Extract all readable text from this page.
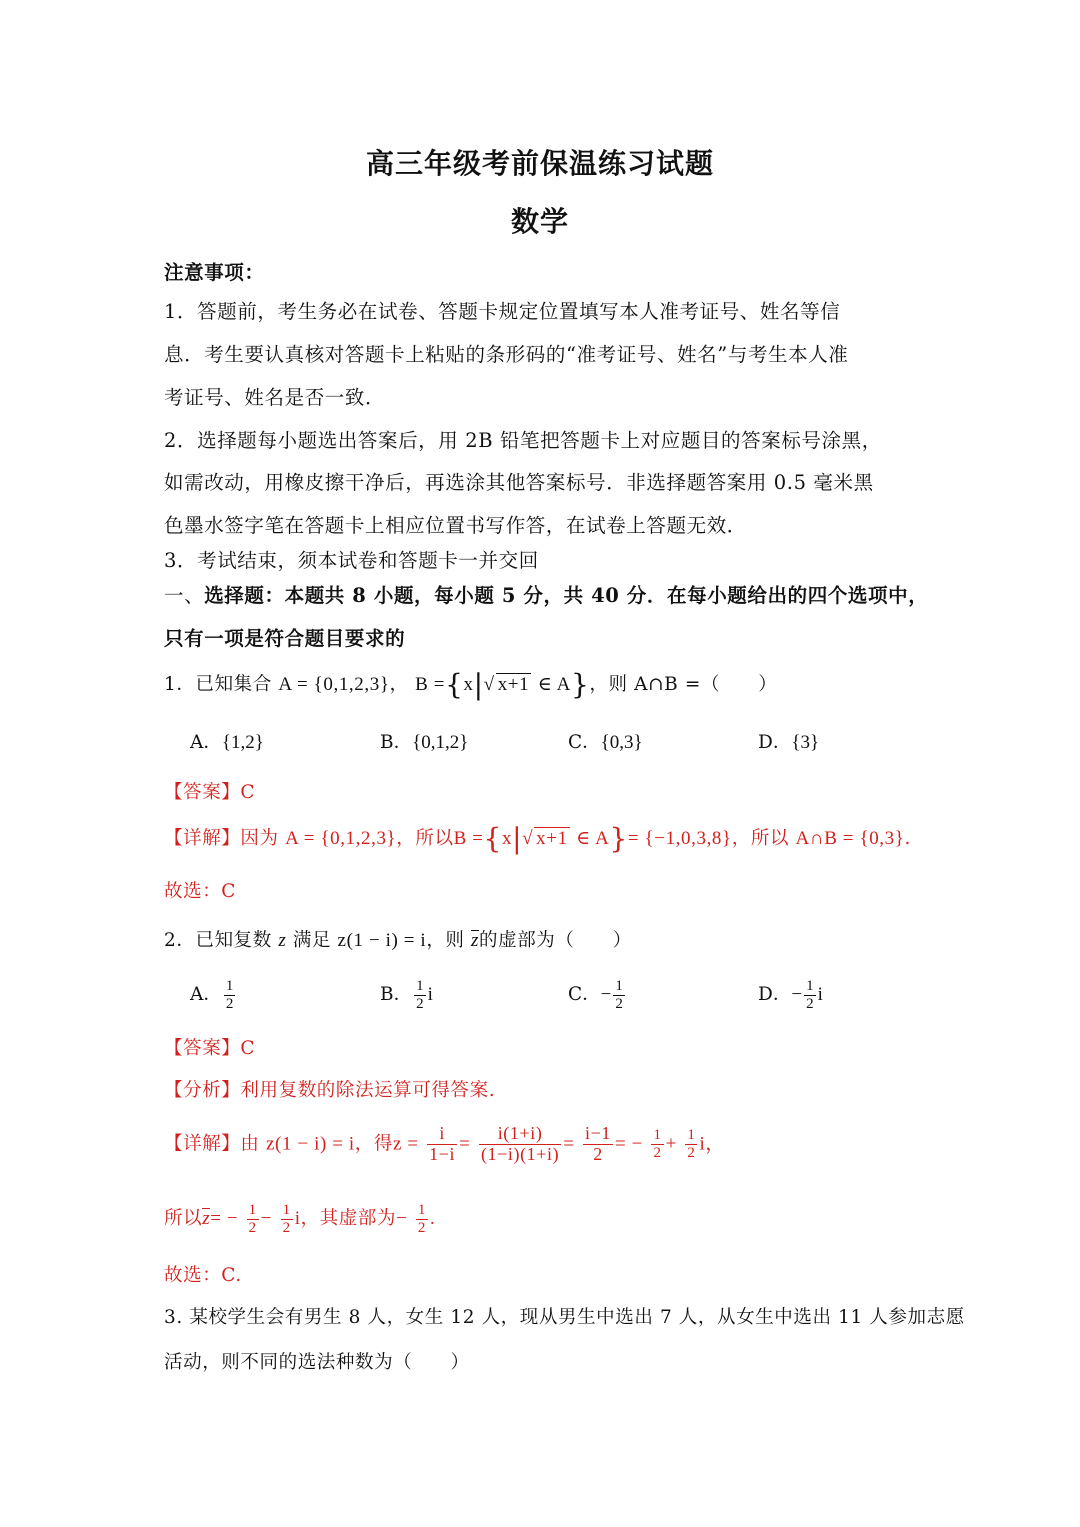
高三年级考前保温练习试题
数学
注意事项：
1．答题前，考生务必在试卷、答题卡规定位置填写本人准考证号、姓名等信
息．考生要认真核对答题卡上粘贴的条形码的“准考证号、姓名”与考生本人准
考证号、姓名是否一致．
2．选择题每小题选出答案后，用 2B 铅笔把答题卡上对应题目的答案标号涂黑，
如需改动，用橡皮擦干净后，再选涂其他答案标号．非选择题答案用 0.5 毫米黑
色墨水签字笔在答题卡上相应位置书写作答，在试卷上答题无效．
3．考试结束，须本试卷和答题卡一并交回
一、选择题：本题共 8 小题，每小题 5 分，共 40 分．在每小题给出的四个选项中，
只有一项是符合题目要求的
1．已知集合 A = {0,1,2,3}， B ={x|√ x+1 ∈ A}，则 A∩B =（　　）
A．{1,2}	B．{0,1,2}	C．{0,3}	D．{3}
【答案】C
【详解】因为 A = {0,1,2,3}，所以B ={x|√ x+1 ∈ A}= {−1,0,3,8}，所以 A∩B = {0,3}.
故选：C
2．已知复数 z 满足 z(1 − i) = i，则 z的虚部为（　　）
A． $\frac{1}{2}$	B． $\frac{1}{2}$ i	C．− $\frac{1}{2}$	D．− $\frac{1}{2}$ i
【答案】C
【分析】利用复数的除法运算可得答案.
【详解】由 z(1 − i) = i，得$z = \frac{i}{1-i} = \frac{i(1+i)}{(1-i)(1+i)} = \frac{i-1}{2}$ = − $\frac{1}{2} + \frac{1}{2}$ i，
所以$z= - \frac{1}{2} - \frac{1}{2}$ i，其虚部为− $\frac{1}{2}$ .
故选：C.
3. 某校学生会有男生 8 人，女生 12 人，现从男生中选出 7 人，从女生中选出 11 人参加志愿
活动，则不同的选法种数为（　　）
